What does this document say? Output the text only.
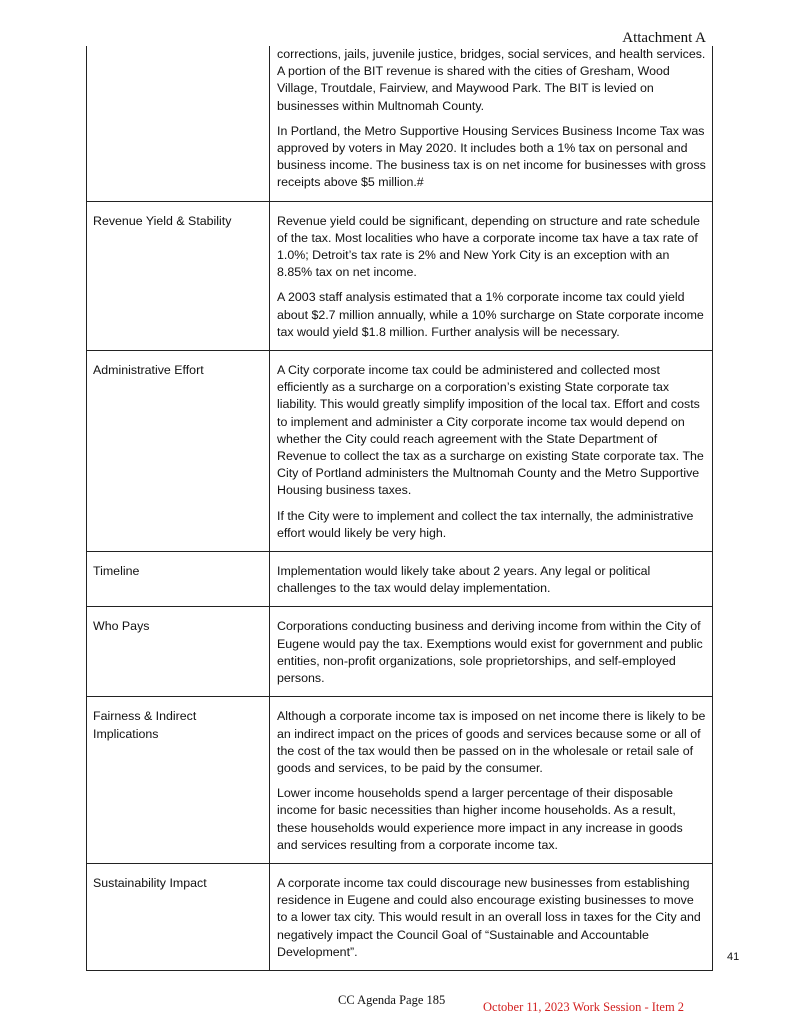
Attachment A

	corrections, jails, juvenile justice, bridges, social services, and health services. A portion of the BIT revenue is shared with the cities of Gresham, Wood Village, Troutdale, Fairview, and Maywood Park. The BIT is levied on businesses within Multnomah County.

In Portland, the Metro Supportive Housing Services Business Income Tax was approved by voters in May 2020. It includes both a 1% tax on personal and business income. The business tax is on net income for businesses with gross receipts above $5 million.#

Revenue Yield & Stability	Revenue yield could be significant, depending on structure and rate schedule of the tax. Most localities who have a corporate income tax have a tax rate of 1.0%; Detroit’s tax rate is 2% and New York City is an exception with an 8.85% tax on net income.

A 2003 staff analysis estimated that a 1% corporate income tax could yield about $2.7 million annually, while a 10% surcharge on State corporate income tax would yield $1.8 million. Further analysis will be necessary.

Administrative Effort	A City corporate income tax could be administered and collected most efficiently as a surcharge on a corporation’s existing State corporate tax liability. This would greatly simplify imposition of the local tax. Effort and costs to implement and administer a City corporate income tax would depend on whether the City could reach agreement with the State Department of Revenue to collect the tax as a surcharge on existing State corporate tax. The City of Portland administers the Multnomah County and the Metro Supportive Housing business taxes.

If the City were to implement and collect the tax internally, the administrative effort would likely be very high.

Timeline	Implementation would likely take about 2 years. Any legal or political challenges to the tax would delay implementation.

Who Pays	Corporations conducting business and deriving income from within the City of Eugene would pay the tax. Exemptions would exist for government and public entities, non-profit organizations, sole proprietorships, and self-employed persons.

Fairness & Indirect Implications	Although a corporate income tax is imposed on net income there is likely to be an indirect impact on the prices of goods and services because some or all of the cost of the tax would then be passed on in the wholesale or retail sale of goods and services, to be paid by the consumer.

Lower income households spend a larger percentage of their disposable income for basic necessities than higher income households. As a result, these households would experience more impact in any increase in goods and services resulting from a corporate income tax.

Sustainability Impact	A corporate income tax could discourage new businesses from establishing residence in Eugene and could also encourage existing businesses to move to a lower tax city. This would result in an overall loss in taxes for the City and negatively impact the Council Goal of “Sustainable and Accountable Development”.	41
CC Agenda Page 185	October 11, 2023 Work Session - Item 2
